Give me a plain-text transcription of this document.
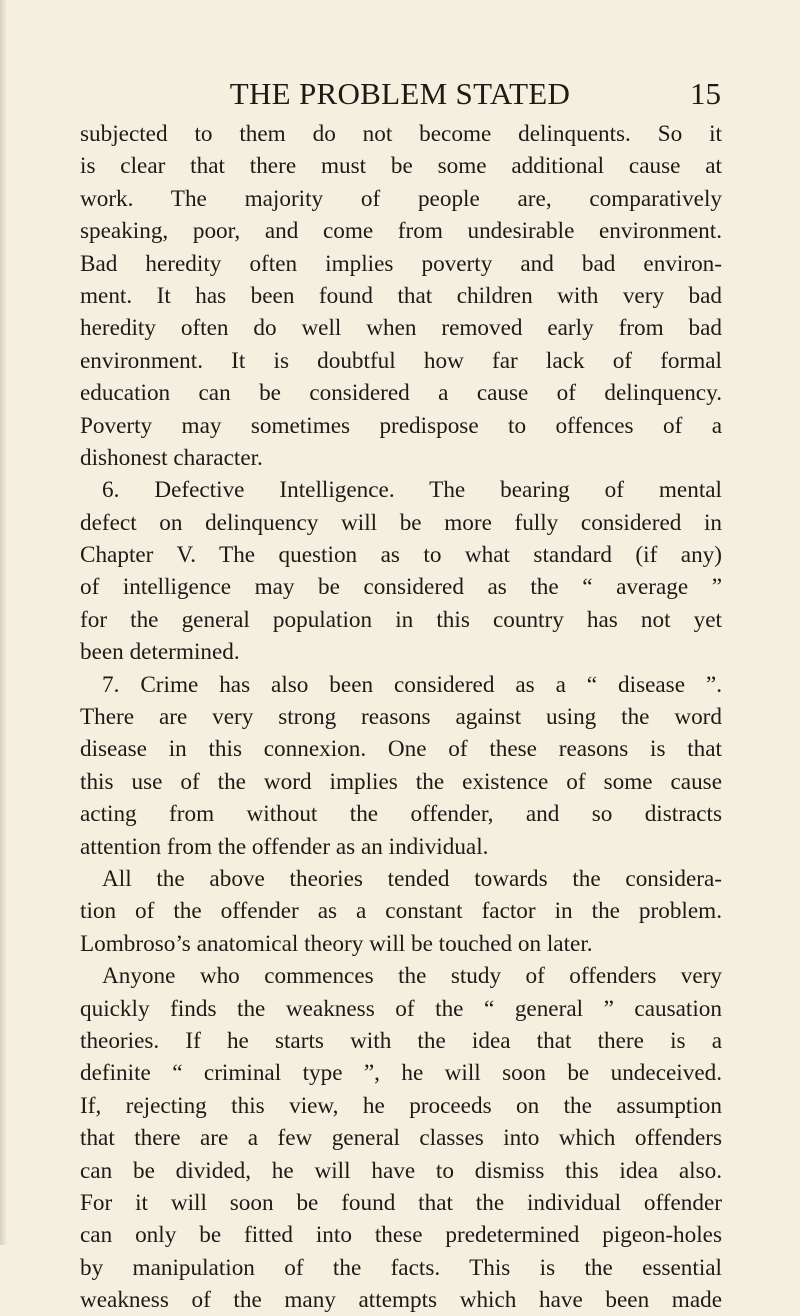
THE PROBLEM STATED	15
subjected to them do not become delinquents. So it
is clear that there must be some additional cause at
work. The majority of people are, comparatively
speaking, poor, and come from undesirable environment.
Bad heredity often implies poverty and bad environ-
ment. It has been found that children with very bad
heredity often do well when removed early from bad
environment. It is doubtful how far lack of formal
education can be considered a cause of delinquency.
Poverty may sometimes predispose to offences of a
dishonest character.
6. Defective Intelligence. The bearing of mental
defect on delinquency will be more fully considered in
Chapter V. The question as to what standard (if any)
of intelligence may be considered as the “ average ”
for the general population in this country has not yet
been determined.
7. Crime has also been considered as a “ disease ”.
There are very strong reasons against using the word
disease in this connexion. One of these reasons is that
this use of the word implies the existence of some cause
acting from without the offender, and so distracts
attention from the offender as an individual.
All the above theories tended towards the considera-
tion of the offender as a constant factor in the problem.
Lombroso’s anatomical theory will be touched on later.
Anyone who commences the study of offenders very
quickly finds the weakness of the “ general ” causation
theories. If he starts with the idea that there is a
definite “ criminal type ”, he will soon be undeceived.
If, rejecting this view, he proceeds on the assumption
that there are a few general classes into which offenders
can be divided, he will have to dismiss this idea also.
For it will soon be found that the individual offender
can only be fitted into these predetermined pigeon-holes
by manipulation of the facts. This is the essential
weakness of the many attempts which have been made
